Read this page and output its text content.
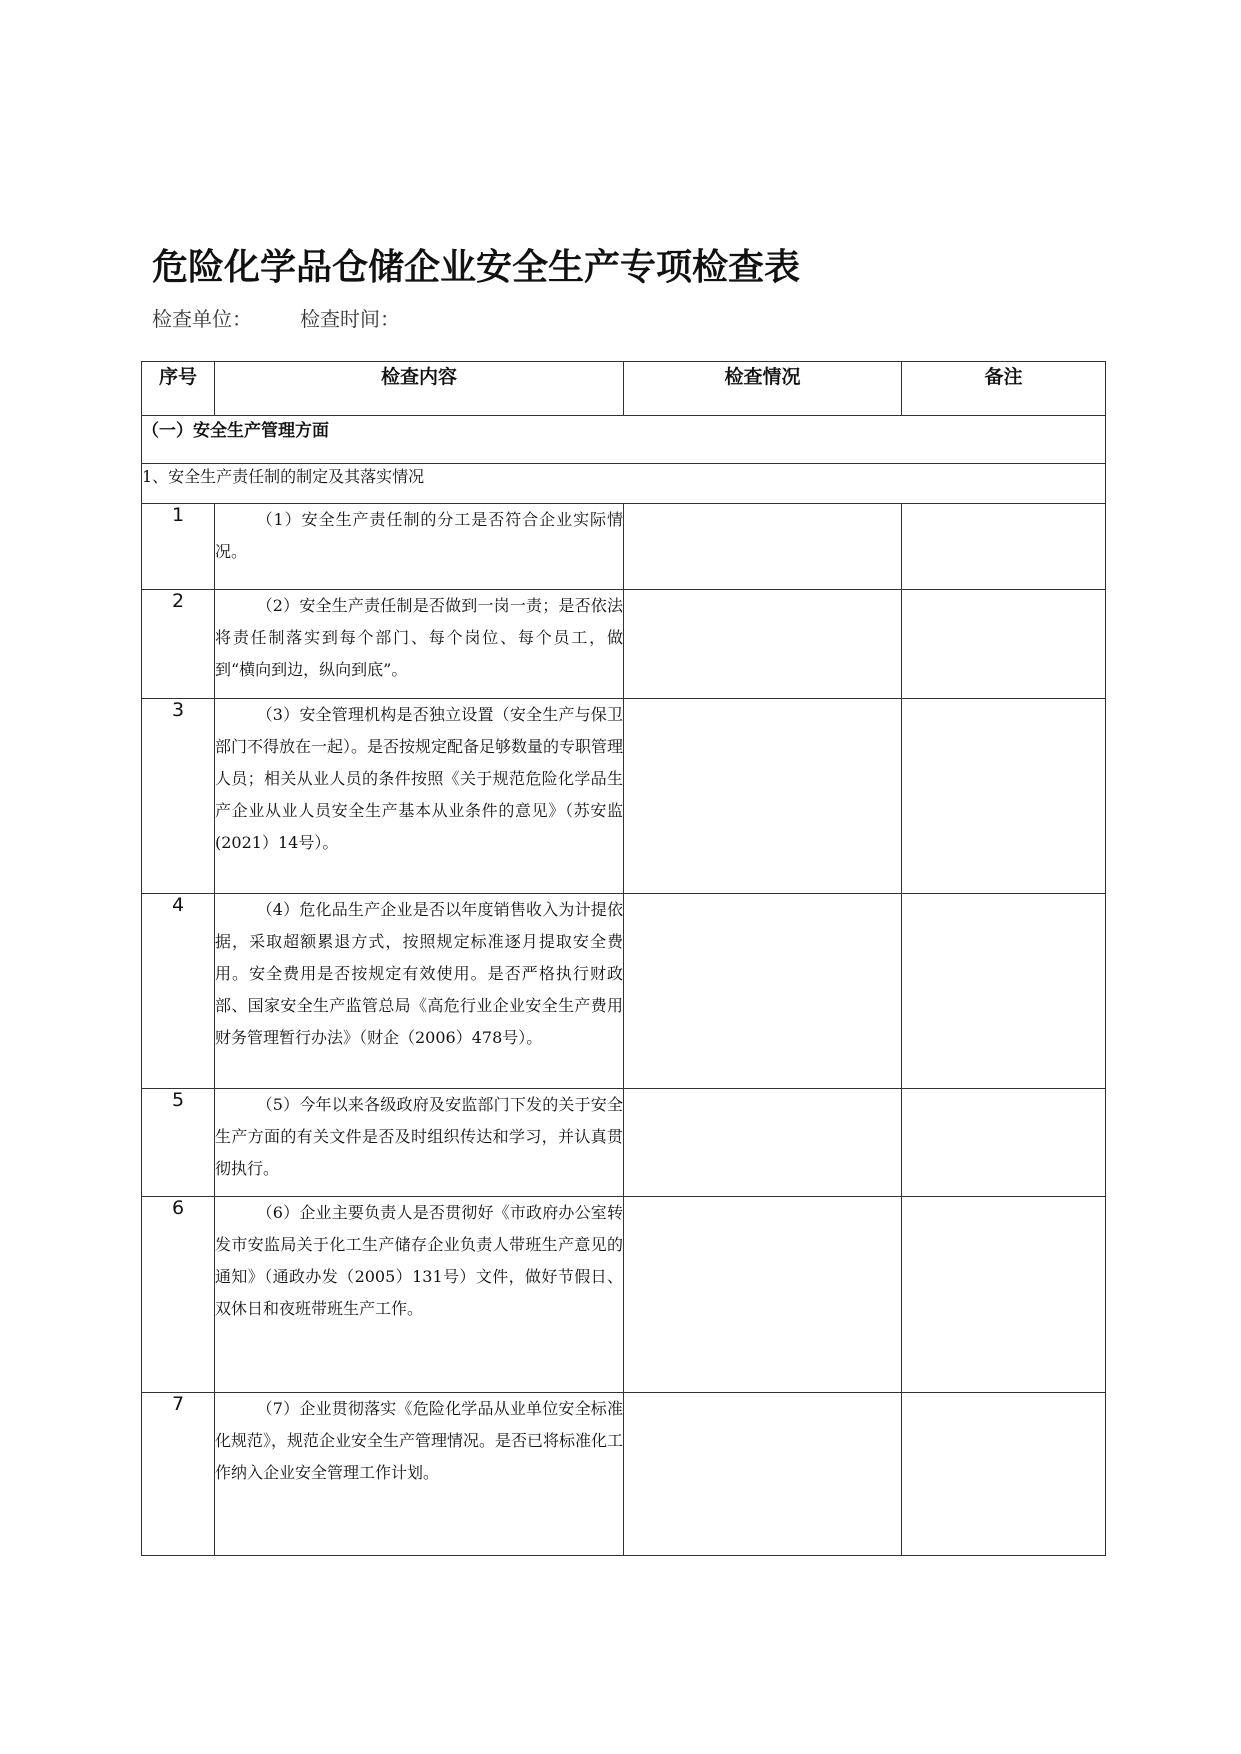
危险化学品仓储企业安全生产专项检查表
检查单位： 检查时间：
序号	检查内容	检查情况	备注
（一）安全生产管理方面			
1、安全生产责任制的制定及其落实情况			
1	（1）安全生产责任制的分工是否符合企业实际情况。		

2	（2）安全生产责任制是否做到一岗一责；是否依法将责任制落实到每个部门、每个岗位、每个员工，做到“横向到边，纵向到底”。		

3	（3）安全管理机构是否独立设置（安全生产与保卫部门不得放在一起）。是否按规定配备足够数量的专职管理人员；相关从业人员的条件按照《关于规范危险化学品生产企业从业人员安全生产基本从业条件的意见》（苏安监(2021）14号）。		

4	（4）危化品生产企业是否以年度销售收入为计提依据，采取超额累退方式，按照规定标准逐月提取安全费用。安全费用是否按规定有效使用。是否严格执行财政部、国家安全生产监管总局《高危行业企业安全生产费用财务管理暂行办法》（财企（2006）478号）。		

5	（5）今年以来各级政府及安监部门下发的关于安全生产方面的有关文件是否及时组织传达和学习，并认真贯彻执行。		

6	（6）企业主要负责人是否贯彻好《市政府办公室转发市安监局关于化工生产储存企业负责人带班生产意见的通知》（通政办发（2005）131号）文件，做好节假日、双休日和夜班带班生产工作。		

7	（7）企业贯彻落实《危险化学品从业单位安全标准化规范》，规范企业安全生产管理情况。是否已将标准化工作纳入企业安全管理工作计划。		
